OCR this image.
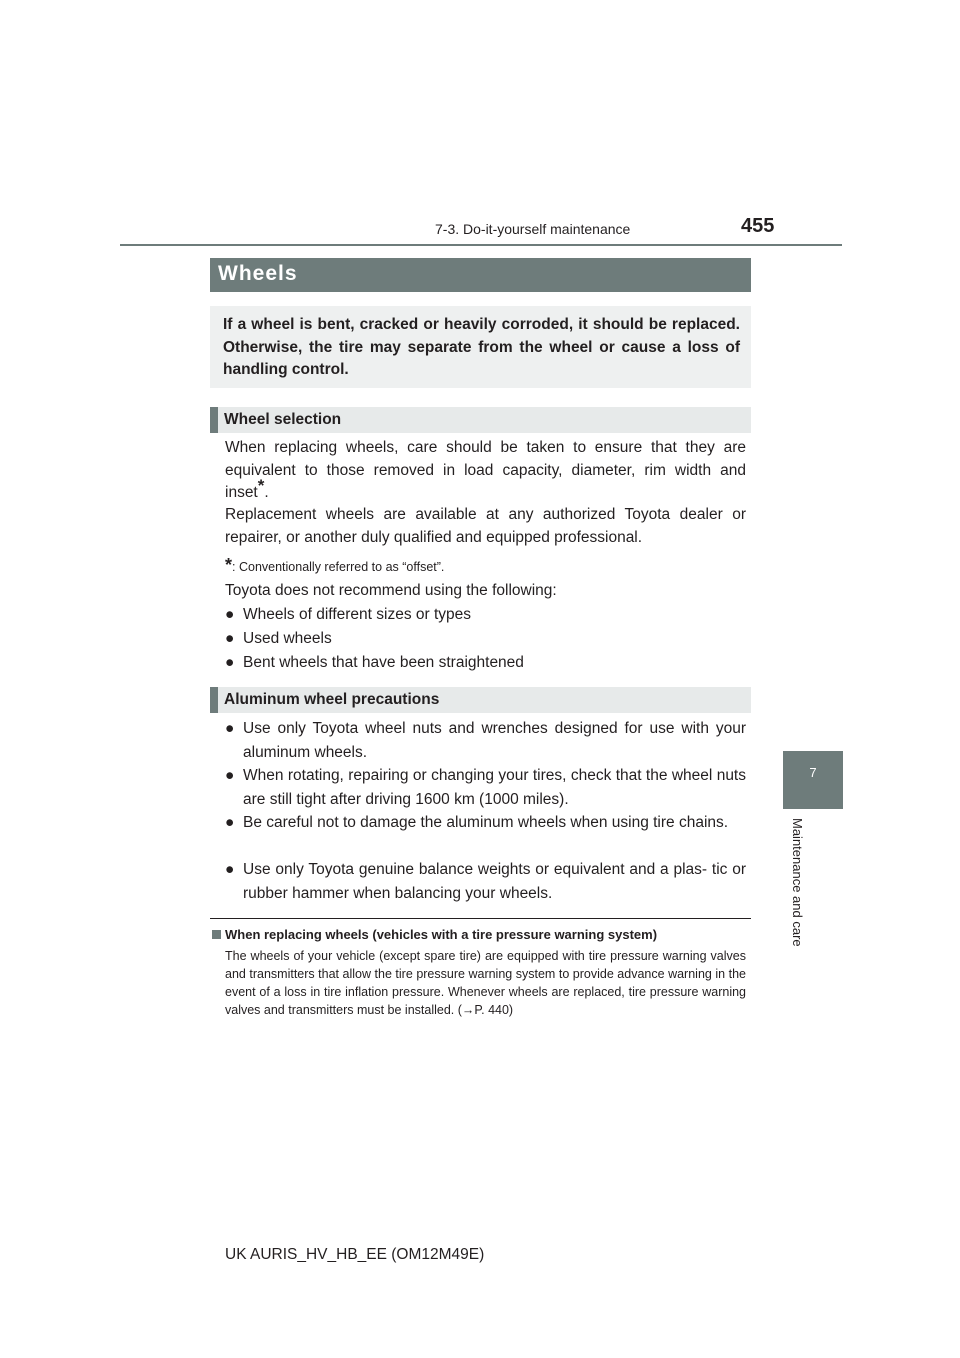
7-3. Do-it-yourself maintenance	455
7
Maintenance and care
Wheels

If a wheel is bent, cracked or heavily corroded, it should be replaced. Otherwise, the tire may separate from the wheel or cause a loss of handling control.

Wheel selection
When replacing wheels, care should be taken to ensure that they are
equivalent to those removed in load capacity, diameter, rim width and
inset*.
Replacement wheels are available at any authorized Toyota dealer or repairer, or another duly qualified and equipped professional.
*: Conventionally referred to as “offset”.
Toyota does not recommend using the following:
● Wheels of different sizes or types
● Used wheels
● Bent wheels that have been straightened
Aluminum wheel precautions
● Use only Toyota wheel nuts and wrenches designed for use with your aluminum wheels.
● When rotating, repairing or changing your tires, check that the wheel nuts are still tight after driving 1600 km (1000 miles).
● Be careful not to damage the aluminum wheels when using tire chains.
● Use only Toyota genuine balance weights or equivalent and a plas- tic or rubber hammer when balancing your wheels.
When replacing wheels (vehicles with a tire pressure warning system)
The wheels of your vehicle (except spare tire) are equipped with tire pressure warning valves and transmitters that allow the tire pressure warning system to provide advance warning in the event of a loss in tire inflation pressure. Whenever wheels are replaced, tire pressure warning valves and transmitters must be installed. (→P. 440)
UK AURIS_HV_HB_EE (OM12M49E)
